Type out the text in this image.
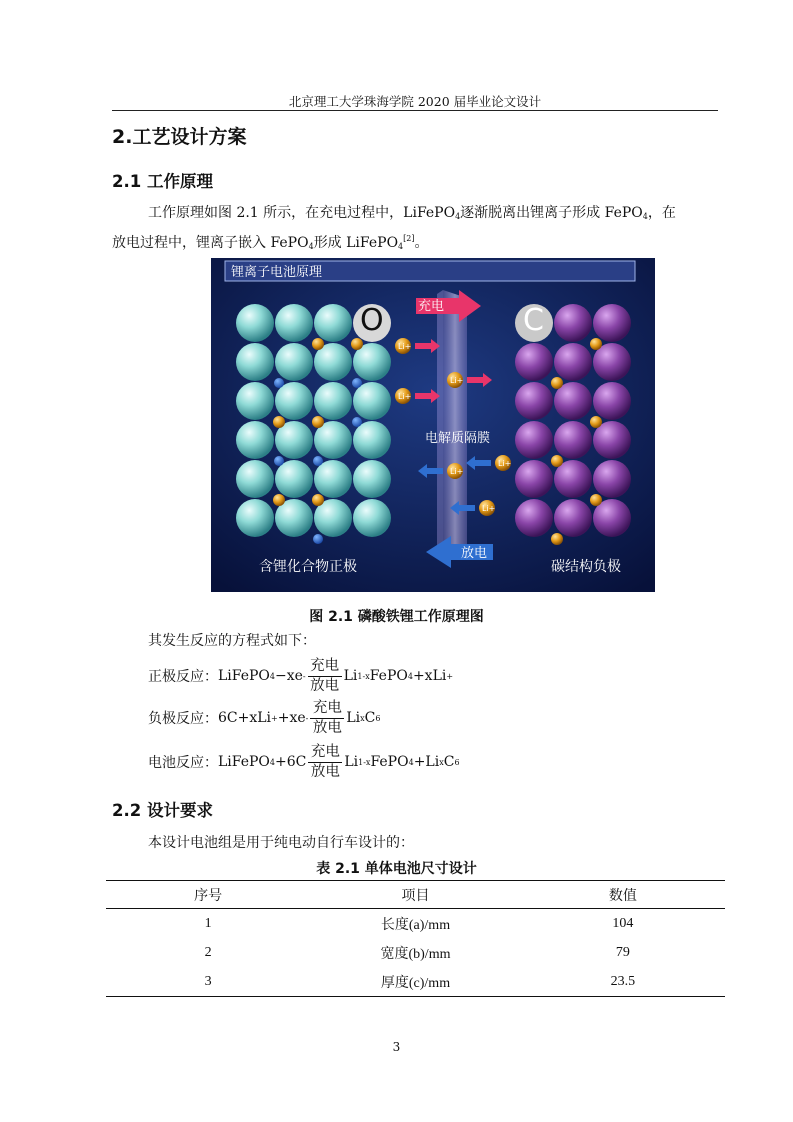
北京理工大学珠海学院 2020 届毕业论文设计
2.工艺设计方案
2.1 工作原理
工作原理如图 2.1 所示，在充电过程中，LiFePO$_4$逐渐脱离出锂离子形成 FePO$_4$，在
放电过程中，锂离子嵌入 FePO$_4$形成 LiFePO$_4$[2]。
锂离子电池原理
充电
放电
电解质隔膜
Li+
Li+
Li+
Li+
Li+
Li+
含锂化合物正极	碳结构负极
O	C
图 2.1 磷酸铁锂工作原理图
其发生反应的方程式如下：
正极反应： LiFePO $4 -xe - \frac{\text{充电}}{\text{放电}}$ Li 1-x FePO 4 +xLi +
负极反应： $6C+xLi + +xe - \frac{\text{充电}}{\text{放电}}$ Li x C 6
电池反应： LiFePO $4 +6C \frac{\text{充电}}{\text{放电}}$ Li 1-x FePO 4 +Li x C 6
2.2 设计要求
本设计电池组是用于纯电动自行车设计的：
表 2.1 单体电池尺寸设计
序号	项目	数值
1	长度(a)/mm	104
2	宽度(b)/mm	79
3	厚度(c)/mm	23.5
3
